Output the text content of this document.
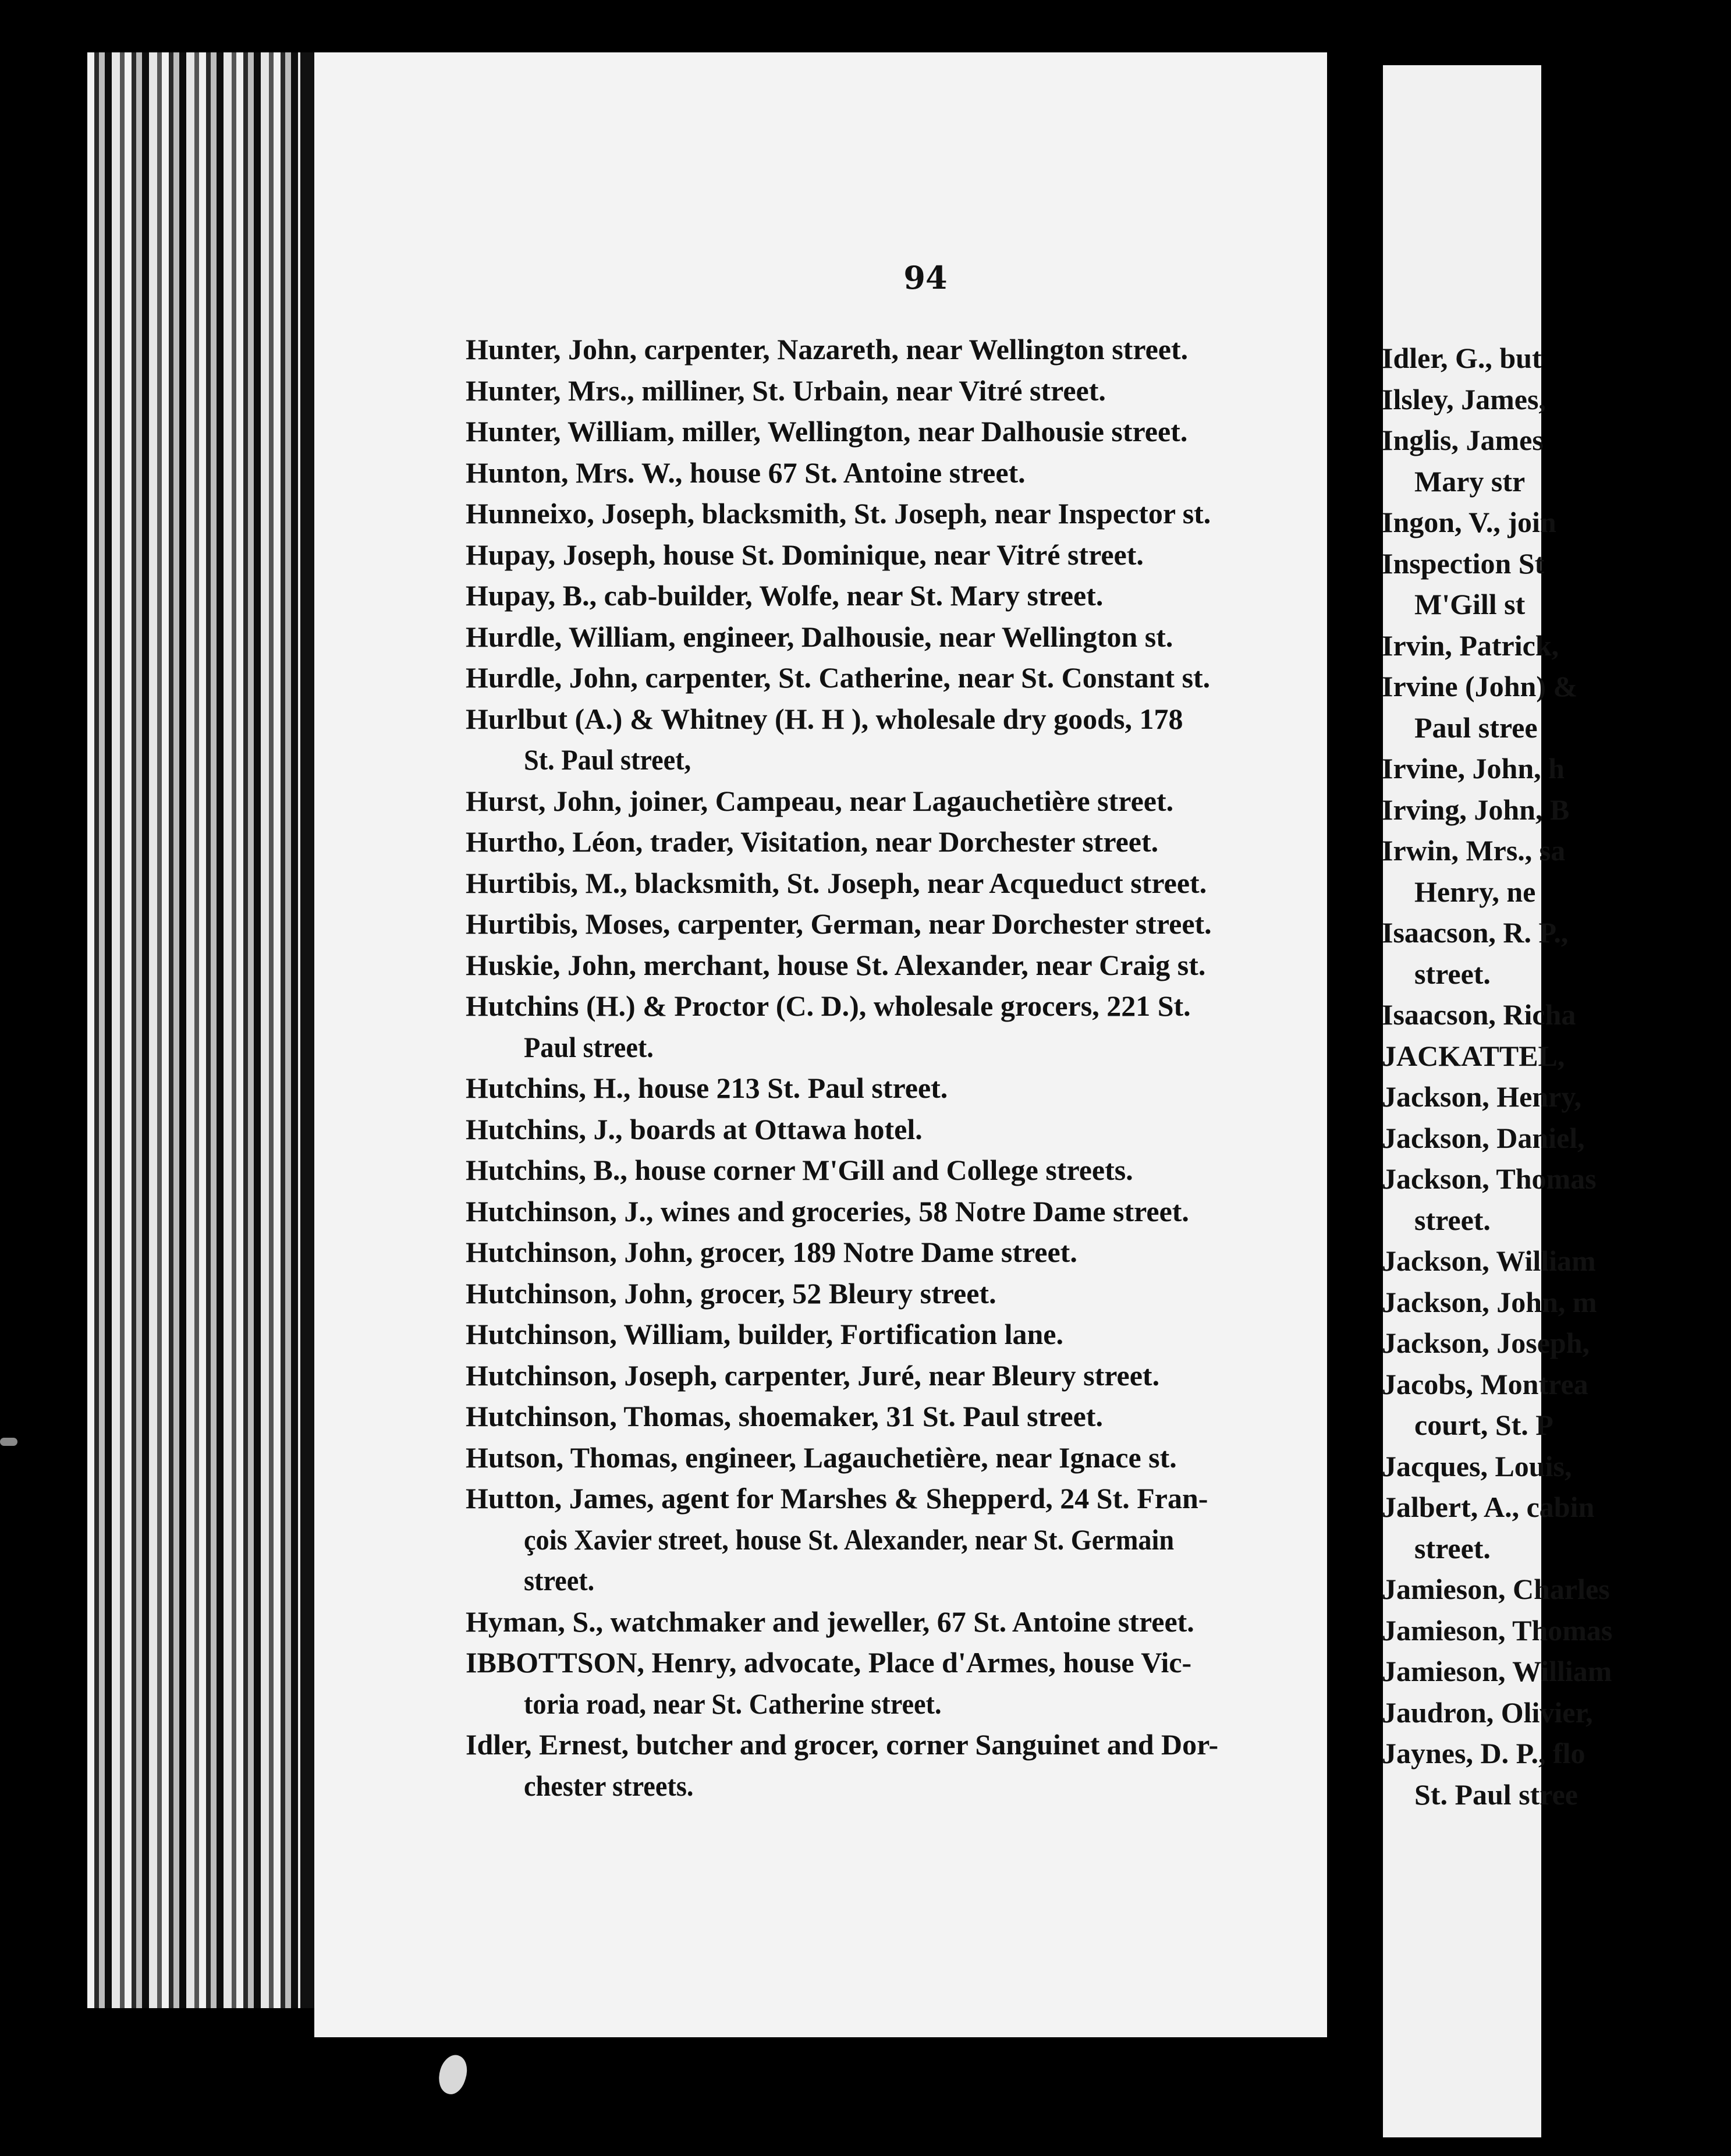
94
Hunter, John, carpenter, Nazareth, near Wellington street.
Hunter, Mrs., milliner, St. Urbain, near Vitré street.
Hunter, William, miller, Wellington, near Dalhousie street.
Hunton, Mrs. W., house 67 St. Antoine street.
Hunneixo, Joseph, blacksmith, St. Joseph, near Inspector st.
Hupay, Joseph, house St. Dominique, near Vitré street.
Hupay, B., cab-builder, Wolfe, near St. Mary street.
Hurdle, William, engineer, Dalhousie, near Wellington st.
Hurdle, John, carpenter, St. Catherine, near St. Constant st.
Hurlbut (A.) & Whitney (H. H ), wholesale dry goods, 178
St. Paul street,
Hurst, John, joiner, Campeau, near Lagauchetière street.
Hurtho, Léon, trader, Visitation, near Dorchester street.
Hurtibis, M., blacksmith, St. Joseph, near Acqueduct street.
Hurtibis, Moses, carpenter, German, near Dorchester street.
Huskie, John, merchant, house St. Alexander, near Craig st.
Hutchins (H.) & Proctor (C. D.), wholesale grocers, 221 St.
Paul street.
Hutchins, H., house 213 St. Paul street.
Hutchins, J., boards at Ottawa hotel.
Hutchins, B., house corner M'Gill and College streets.
Hutchinson, J., wines and groceries, 58 Notre Dame street.
Hutchinson, John, grocer, 189 Notre Dame street.
Hutchinson, John, grocer, 52 Bleury street.
Hutchinson, William, builder, Fortification lane.
Hutchinson, Joseph, carpenter, Juré, near Bleury street.
Hutchinson, Thomas, shoemaker, 31 St. Paul street.
Hutson, Thomas, engineer, Lagauchetière, near Ignace st.
Hutton, James, agent for Marshes & Shepperd, 24 St. Fran-
çois Xavier street, house St. Alexander, near St. Germain
street.
Hyman, S., watchmaker and jeweller, 67 St. Antoine street.
IBBOTTSON, Henry, advocate, Place d'Armes, house Vic-
toria road, near St. Catherine street.
Idler, Ernest, butcher and grocer, corner Sanguinet and Dor-
chester streets.
Idler, G., but
Ilsley, James,
Inglis, James
Mary str
Ingon, V., join
Inspection St
M'Gill st
Irvin, Patrick,
Irvine (John) &
Paul stree
Irvine, John, h
Irving, John, B
Irwin, Mrs., sa
Henry, ne
Isaacson, R. P.,
street.
Isaacson, Richa
JACKATTEL,
Jackson, Henry,
Jackson, Daniel,
Jackson, Thomas
street.
Jackson, William
Jackson, John, m
Jackson, Joseph,
Jacobs, Montrea
court, St. P
Jacques, Louis,
Jalbert, A., cabin
street.
Jamieson, Charles
Jamieson, Thomas
Jamieson, William
Jaudron, Olivier,
Jaynes, D. P., flo
St. Paul stree
